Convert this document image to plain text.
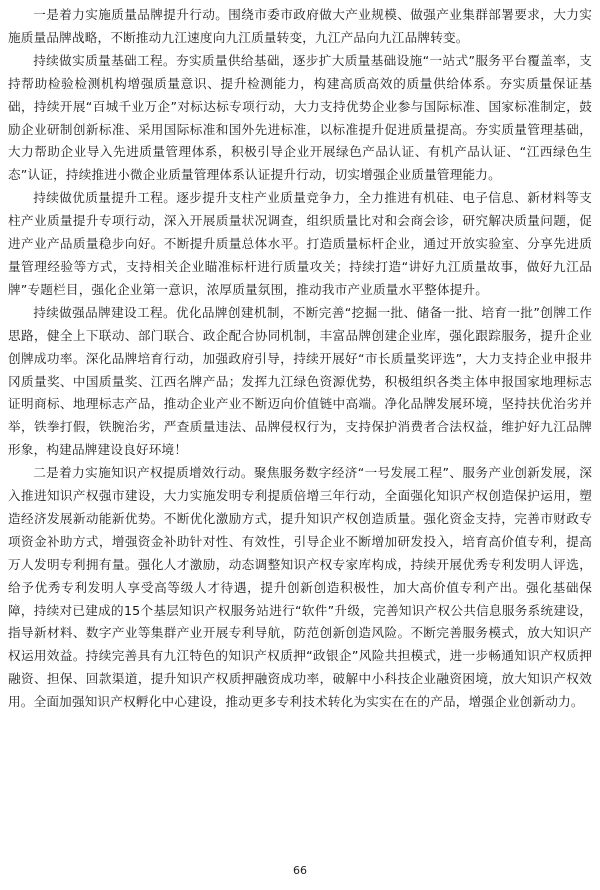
一是着力实施质量品牌提升行动。围绕市委市政府做大产业规模、做强产业集群部署要求，大力实施质量品牌战略，不断推动九江速度向九江质量转变，九江产品向九江品牌转变。

持续做实质量基础工程。夯实质量供给基础，逐步扩大质量基础设施“一站式”服务平台覆盖率，支持帮助检验检测机构增强质量意识、提升检测能力，构建高质高效的质量供给体系。夯实质量保证基础，持续开展“百城千业万企”对标达标专项行动，大力支持优势企业参与国际标准、国家标准制定，鼓励企业研制创新标准、采用国际标准和国外先进标准，以标准提升促进质量提高。夯实质量管理基础，大力帮助企业导入先进质量管理体系，积极引导企业开展绿色产品认证、有机产品认证、“江西绿色生态”认证，持续推进小微企业质量管理体系认证提升行动，切实增强企业质量管理能力。

持续做优质量提升工程。逐步提升支柱产业质量竞争力，全力推进有机硅、电子信息、新材料等支柱产业质量提升专项行动，深入开展质量状况调查，组织质量比对和会商会诊，研究解决质量问题，促进产业产品质量稳步向好。不断提升质量总体水平。打造质量标杆企业，通过开放实验室、分享先进质量管理经验等方式，支持相关企业瞄准标杆进行质量攻关；持续打造“讲好九江质量故事，做好九江品牌”专题栏目，强化企业第一意识，浓厚质量氛围，推动我市产业质量水平整体提升。

持续做强品牌建设工程。优化品牌创建机制，不断完善“挖掘一批、储备一批、培育一批”创牌工作思路，健全上下联动、部门联合、政企配合协同机制，丰富品牌创建企业库，强化跟踪服务，提升企业创牌成功率。深化品牌培育行动，加强政府引导，持续开展好“市长质量奖评选”，大力支持企业申报井冈质量奖、中国质量奖、江西名牌产品；发挥九江绿色资源优势，积极组织各类主体申报国家地理标志证明商标、地理标志产品，推动企业产业不断迈向价值链中高端。净化品牌发展环境，坚持扶优治劣并举，铁拳打假，铁腕治劣，严查质量违法、品牌侵权行为，支持保护消费者合法权益，维护好九江品牌形象，构建品牌建设良好环境！

二是着力实施知识产权提质增效行动。聚焦服务数字经济“一号发展工程”、服务产业创新发展，深入推进知识产权强市建设，大力实施发明专利提质倍增三年行动，全面强化知识产权创造保护运用，塑造经济发展新动能新优势。不断优化激励方式，提升知识产权创造质量。强化资金支持，完善市财政专项资金补助方式，增强资金补助针对性、有效性，引导企业不断增加研发投入，培育高价值专利，提高万人发明专利拥有量。强化人才激励，动态调整知识产权专家库构成，持续开展优秀专利发明人评选，给予优秀专利发明人享受高等级人才待遇，提升创新创造积极性，加大高价值专利产出。强化基础保障，持续对已建成的15个基层知识产权服务站进行“软件”升级，完善知识产权公共信息服务系统建设，指导新材料、数字产业等集群产业开展专利导航，防范创新创造风险。不断完善服务模式，放大知识产权运用效益。持续完善具有九江特色的知识产权质押“政银企”风险共担模式，进一步畅通知识产权质押融资、担保、回款渠道，提升知识产权质押融资成功率，破解中小科技企业融资困境，放大知识产权效用。全面加强知识产权孵化中心建设，推动更多专利技术转化为实实在在的产品，增强企业创新动力。

66
